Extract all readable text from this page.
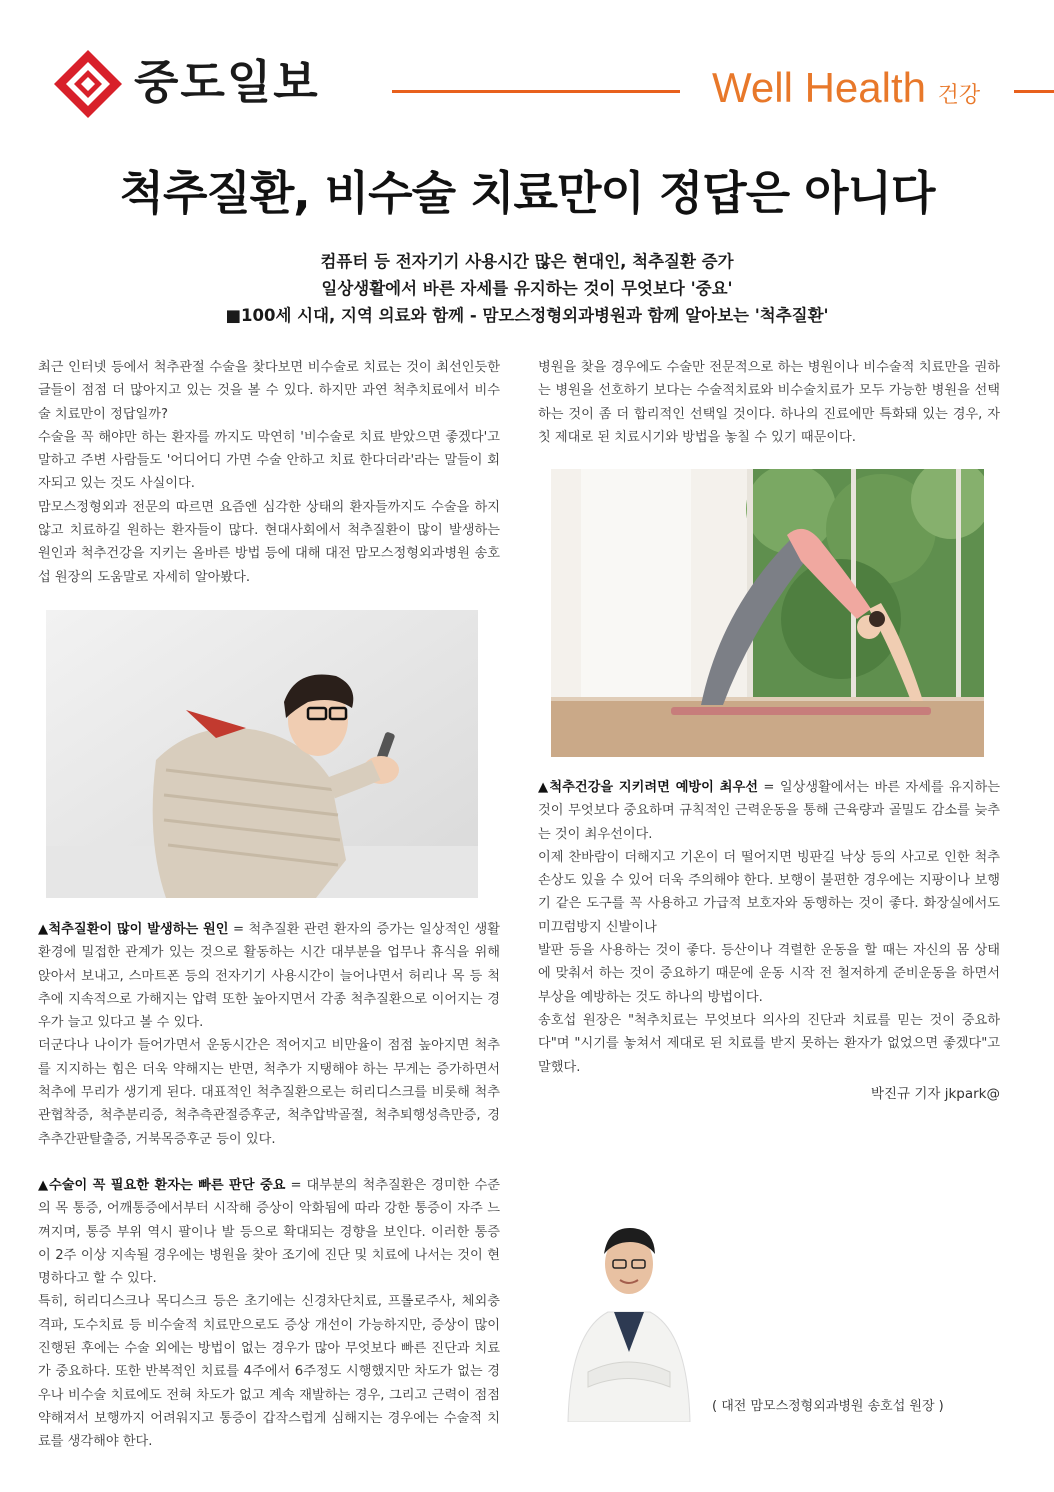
중도일보	Well Health 건강
척추질환, 비수술 치료만이 정답은 아니다
컴퓨터 등 전자기기 사용시간 많은 현대인, 척추질환 증가
일상생활에서 바른 자세를 유지하는 것이 무엇보다 '중요'
■100세 시대, 지역 의료와 함께 - 맘모스정형외과병원과 함께 알아보는 '척추질환'

최근 인터넷 등에서 척추관절 수술을 찾다보면 비수술로 치료는 것이 최선인듯한 글들이 점점 더 많아지고 있는 것을 볼 수 있다. 하지만 과연 척추치료에서 비수술 치료만이 정답일까?

수술을 꼭 해야만 하는 환자를 까지도 막연히 '비수술로 치료 받았으면 좋겠다'고 말하고 주변 사람들도 '어디어디 가면 수술 안하고 치료 한다더라'라는 말들이 회자되고 있는 것도 사실이다.

맘모스정형외과 전문의 따르면 요즘엔 심각한 상태의 환자들까지도 수술을 하지않고 치료하길 원하는 환자들이 많다. 현대사회에서 척추질환이 많이 발생하는 원인과 척추건강을 지키는 올바른 방법 등에 대해 대전 맘모스정형외과병원 송호섭 원장의 도움말로 자세히 알아봤다.

▲척추질환이 많이 발생하는 원인 = 척추질환 관련 환자의 증가는 일상적인 생활 환경에 밀접한 관계가 있는 것으로 활동하는 시간 대부분을 업무나 휴식을 위해 앉아서 보내고, 스마트폰 등의 전자기기 사용시간이 늘어나면서 허리나 목 등 척추에 지속적으로 가해지는 압력 또한 높아지면서 각종 척추질환으로 이어지는 경우가 늘고 있다고 볼 수 있다.

더군다나 나이가 들어가면서 운동시간은 적어지고 비만율이 점점 높아지면 척추를 지지하는 힘은 더욱 약해지는 반면, 척추가 지탱해야 하는 무게는 증가하면서 척추에 무리가 생기게 된다. 대표적인 척추질환으로는 허리디스크를 비롯해 척추관협착증, 척추분리증, 척추측관절증후군, 척추압박골절, 척추퇴행성측만증, 경추추간판탈출증, 거북목증후군 등이 있다.

▲수술이 꼭 필요한 환자는 빠른 판단 중요 = 대부분의 척추질환은 경미한 수준의 목 통증, 어깨통증에서부터 시작해 증상이 악화됨에 따라 강한 통증이 자주 느껴지며, 통증 부위 역시 팔이나 발 등으로 확대되는 경향을 보인다. 이러한 통증이 2주 이상 지속될 경우에는 병원을 찾아 조기에 진단 및 치료에 나서는 것이 현명하다고 할 수 있다.

특히, 허리디스크나 목디스크 등은 초기에는 신경차단치료, 프롤로주사, 체외충격파, 도수치료 등 비수술적 치료만으로도 증상 개선이 가능하지만, 증상이 많이 진행된 후에는 수술 외에는 방법이 없는 경우가 많아 무엇보다 빠른 진단과 치료가 중요하다. 또한 반복적인 치료를 4주에서 6주정도 시행했지만 차도가 없는 경우나 비수술 치료에도 전혀 차도가 없고 계속 재발하는 경우, 그리고 근력이 점점 약해져서 보행까지 어려워지고 통증이 갑작스럽게 심해지는 경우에는 수술적 치료를 생각해야 한다.

병원을 찾을 경우에도 수술만 전문적으로 하는 병원이나 비수술적 치료만을 권하는 병원을 선호하기 보다는 수술적치료와 비수술치료가 모두 가능한 병원을 선택하는 것이 좀 더 합리적인 선택일 것이다. 하나의 진료에만 특화돼 있는 경우, 자칫 제대로 된 치료시기와 방법을 놓칠 수 있기 때문이다.

▲척추건강을 지키려면 예방이 최우선 = 일상생활에서는 바른 자세를 유지하는 것이 무엇보다 중요하며 규칙적인 근력운동을 통해 근육량과 골밀도 감소를 늦추는 것이 최우선이다.

이제 찬바람이 더해지고 기온이 더 떨어지면 빙판길 낙상 등의 사고로 인한 척추 손상도 있을 수 있어 더욱 주의해야 한다. 보행이 불편한 경우에는 지팡이나 보행기 같은 도구를 꼭 사용하고 가급적 보호자와 동행하는 것이 좋다. 화장실에서도 미끄럼방지 신발이나

발판 등을 사용하는 것이 좋다. 등산이나 격렬한 운동을 할 때는 자신의 몸 상태에 맞춰서 하는 것이 중요하기 때문에 운동 시작 전 철저하게 준비운동을 하면서 부상을 예방하는 것도 하나의 방법이다.

송호섭 원장은 "척추치료는 무엇보다 의사의 진단과 치료를 믿는 것이 중요하다"며 "시기를 놓쳐서 제대로 된 치료를 받지 못하는 환자가 없었으면 좋겠다"고 말했다.

박진규 기자 jkpark@
( 대전 맘모스정형외과병원 송호섭 원장 )
